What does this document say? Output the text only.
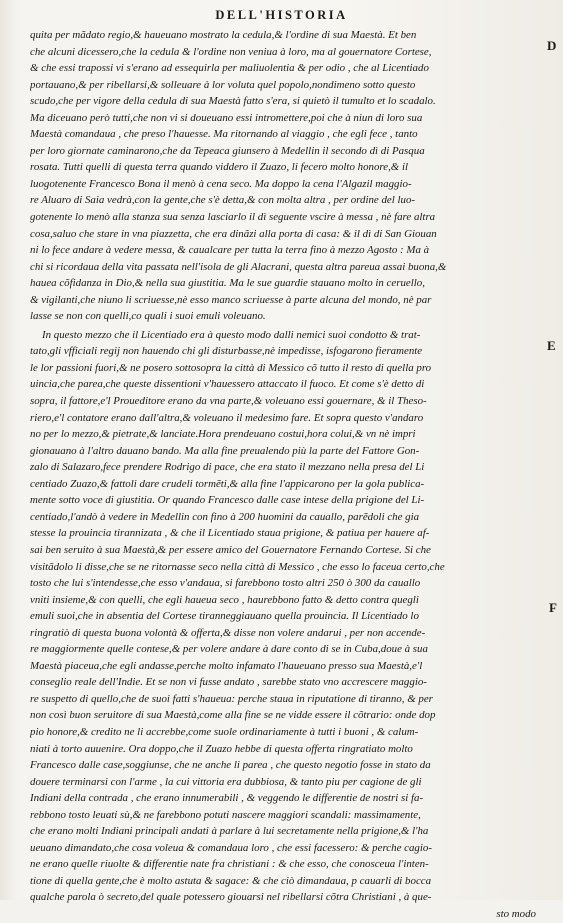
DELL'HISTORIA
D
E
F
quita per mãdato regio,& haueuano mostrato la cedula,& l'ordine di sua Maestà. Et ben
che alcuni dicessero,che la cedula & l'ordine non veniua à loro, ma al gouernatore Cortese,
& che essi trapossi vi s'erano ad essequirla per maliuolentia & per odio , che al Licentiado
portauano,& per ribellarsi,& solleuare à lor voluta quel popolo,nondimeno sotto questo
scudo,che per vigore della cedula di sua Maestà fatto s'era, si quietò il tumulto et lo scadalo.
Ma diceuano però tutti,che non vi si doueuano essi intromettere,poi che à niun di loro sua
Maestà comandaua , che preso l'hauesse. Ma ritornando al viaggio , che egli fece , tanto
per loro giornate caminarono,che da Tepeaca giunsero à Medellin il secondo dì di Pasqua
rosata. Tutti quelli di questa terra quando viddero il Zuazo, li fecero molto honore,& il
luogotenente Francesco Bona il menò à cena seco. Ma doppo la cena l'Algazil maggio-
re Aluaro di Saia vedrà,con la gente,che s'è detta,& con molta altra , per ordine del luo-
gotenente lo menò alla stanza sua senza lasciarlo il dì seguente vscire à messa , nè fare altra
cosa,saluo che stare in vna piazzetta, che era dinãzi alla porta di casa: & il dì di San Giouan
ni lo fece andare à vedere messa, & caualcare per tutta la terra fino à mezzo Agosto : Ma à
chi si ricordaua della vita passata nell'isola de gli Alacrani, questa altra pareua assai buona,&
hauea cõfidanza in Dio,& nella sua giustitia. Ma le sue guardie stauano molto in ceruello,
& vigilanti,che niuno li scriuesse,nè esso manco scriuesse à parte alcuna del mondo, nè par
lasse se non con quelli,co quali i suoi emuli voleuano.
In questo mezzo che il Licentiado era à questo modo dalli nemici suoi condotto & trat-
tato,gli vfficiali regij non hauendo chi gli disturbasse,nè impedisse, isfogarono fieramente
le lor passioni fuori,& ne posero sottosopra la città di Messico cõ tutto il resto di quella pro
uincia,che parea,che queste dissentioni v'hauessero attaccato il fuoco. Et come s'è detto di
sopra, il fattore,e'l Proueditore erano da vna parte,& voleuano essi gouernare, & il Theso-
riero,e'l contatore erano dall'altra,& voleuano il medesimo fare. Et sopra questo v'andaro
no per lo mezzo,& pietrate,& lanciate.Hora prendeuano costui,hora colui,& vn nè impri
gionauano à l'altro dauano bando. Ma alla fine preualendo più la parte del Fattore Gon-
zalo di Salazaro,fece prendere Rodrigo di pace, che era stato il mezzano nella presa del Li
centiado Zuazo,& fattoli dare crudeli tormẽti,& alla fine l'appicarono per la gola publica-
mente sotto voce di giustitia. Or quando Francesco dalle case intese della prigione del Li-
centiado,l'andò à vedere in Medellin con fino à 200 huomini da cauallo, parẽdoli che gia
stesse la prouincia tirannizata , & che il Licentiado staua prigione, & patiua per hauere af-
sai ben seruito à sua Maestà,& per essere amico del Gouernatore Fernando Cortese. Si che
visitãdolo li disse,che se ne ritornasse seco nella città di Messico , che esso lo faceua certo,che
tosto che lui s'intendesse,che esso v'andaua, si farebbono tosto altri 250 ò 300 da cauallo
vniti insieme,& con quelli, che egli haueua seco , haurebbono fatto & detto contra quegli
emuli suoi,che in absentia del Cortese tiranneggiauano quella prouincia. Il Licentiado lo
ringratiò di questa buona volontà & offerta,& disse non volere andarui , per non accende-
re maggiormente quelle contese,& per volere andare à dare conto di se in Cuba,doue à sua
Maestà piaceua,che egli andasse,perche molto infamato l'haueuano presso sua Maestà,e'l
conseglio reale dell'Indie. Et se non vi fusse andato , sarebbe stato vno accrescere maggio-
re suspetto di quello,che de suoi fatti s'haueua: perche staua in riputatione di tiranno, & per
non così buon seruitore di sua Maestà,come alla fine se ne vidde essere il cõtrario: onde dop
pio honore,& credito ne li accrebbe,come suole ordinariamente à tutti i buoni , & calum-
niati à torto auuenire. Ora doppo,che il Zuazo hebbe di questa offerta ringratiato molto
Francesco dalle case,soggiunse, che ne anche li parea , che questo negotio fosse in stato da
douere terminarsi con l'arme , la cui vittoria era dubbiosa, & tanto piu per cagione de gli
Indiani della contrada , che erano innumerabili , & veggendo le differentie de nostri si fa-
rebbono tosto leuati sù,& ne farebbono potuti nascere maggiori scandali: massimamente,
che erano molti Indiani principali andati à parlare à lui secretamente nella prigione,& l'ha
ueuano dimandato,che cosa voleua & comandaua loro , che essi facessero: & perche cagio-
ne erano quelle riuolte & differentie nate fra christiani : & che esso, che conosceua l'inten-
tione di quella gente,che è molto astuta & sagace: & che ciò dimandaua, p cauarli di bocca
qualche parola ò secreto,del quale potessero giouarsi nel ribellarsi cõtra Christiani , à que-
sto modo
